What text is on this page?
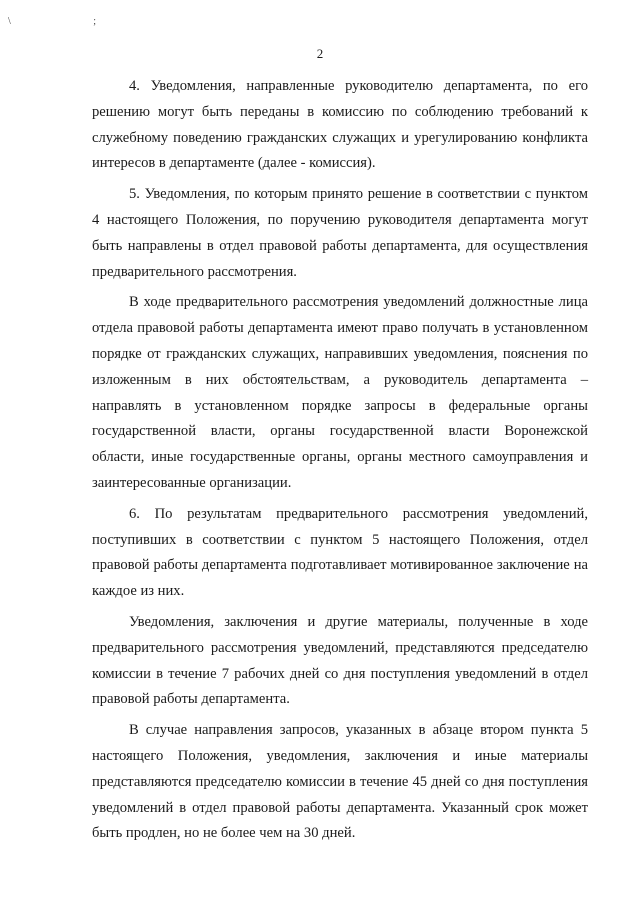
\ ;
2

4. Уведомления, направленные руководителю департамента, по его решению могут быть переданы в комиссию по соблюдению требований к служебному поведению гражданских служащих и урегулированию конфликта интересов в департаменте (далее - комиссия).

5. Уведомления, по которым принято решение в соответствии с пунктом 4 настоящего Положения, по поручению руководителя департамента могут быть направлены в отдел правовой работы департамента, для осуществления предварительного рассмотрения.

В ходе предварительного рассмотрения уведомлений должностные лица отдела правовой работы департамента имеют право получать в установленном порядке от гражданских служащих, направивших уведомления, пояснения по изложенным в них обстоятельствам, а руководитель департамента – направлять в установленном порядке запросы в федеральные органы государственной власти, органы государственной власти Воронежской области, иные государственные органы, органы местного самоуправления и заинтересованные организации.

6. По результатам предварительного рассмотрения уведомлений, поступивших в соответствии с пунктом 5 настоящего Положения, отдел правовой работы департамента подготавливает мотивированное заключение на каждое из них.

Уведомления, заключения и другие материалы, полученные в ходе предварительного рассмотрения уведомлений, представляются председателю комиссии в течение 7 рабочих дней со дня поступления уведомлений в отдел правовой работы департамента.

В случае направления запросов, указанных в абзаце втором пункта 5 настоящего Положения, уведомления, заключения и иные материалы представляются председателю комиссии в течение 45 дней со дня поступления уведомлений в отдел правовой работы департамента. Указанный срок может быть продлен, но не более чем на 30 дней.
